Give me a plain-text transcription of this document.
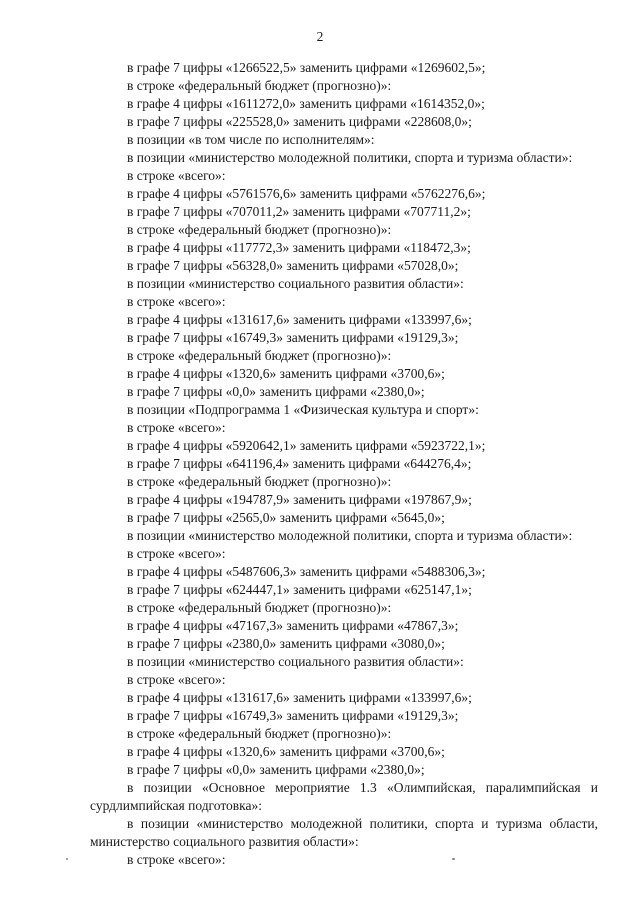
2
в графе 7 цифры «1266522,5» заменить цифрами «1269602,5»;
в строке «федеральный бюджет (прогнозно)»:
в графе 4 цифры «1611272,0» заменить цифрами «1614352,0»;
в графе 7 цифры «225528,0» заменить цифрами «228608,0»;
в позиции «в том числе по исполнителям»:
в позиции «министерство молодежной политики, спорта и туризма области»:
в строке «всего»:
в графе 4 цифры «5761576,6» заменить цифрами «5762276,6»;
в графе 7 цифры «707011,2» заменить цифрами «707711,2»;
в строке «федеральный бюджет (прогнозно)»:
в графе 4 цифры «117772,3» заменить цифрами «118472,3»;
в графе 7 цифры «56328,0» заменить цифрами «57028,0»;
в позиции «министерство социального развития области»:
в строке «всего»:
в графе 4 цифры «131617,6» заменить цифрами «133997,6»;
в графе 7 цифры «16749,3» заменить цифрами «19129,3»;
в строке «федеральный бюджет (прогнозно)»:
в графе 4 цифры «1320,6» заменить цифрами «3700,6»;
в графе 7 цифры «0,0» заменить цифрами «2380,0»;
в позиции «Подпрограмма 1 «Физическая культура и спорт»:
в строке «всего»:
в графе 4 цифры «5920642,1» заменить цифрами «5923722,1»;
в графе 7 цифры «641196,4» заменить цифрами «644276,4»;
в строке «федеральный бюджет (прогнозно)»:
в графе 4 цифры «194787,9» заменить цифрами «197867,9»;
в графе 7 цифры «2565,0» заменить цифрами «5645,0»;
в позиции «министерство молодежной политики, спорта и туризма области»:
в строке «всего»:
в графе 4 цифры «5487606,3» заменить цифрами «5488306,3»;
в графе 7 цифры «624447,1» заменить цифрами «625147,1»;
в строке «федеральный бюджет (прогнозно)»:
в графе 4 цифры «47167,3» заменить цифрами «47867,3»;
в графе 7 цифры «2380,0» заменить цифрами «3080,0»;
в позиции «министерство социального развития области»:
в строке «всего»:
в графе 4 цифры «131617,6» заменить цифрами «133997,6»;
в графе 7 цифры «16749,3» заменить цифрами «19129,3»;
в строке «федеральный бюджет (прогнозно)»:
в графе 4 цифры «1320,6» заменить цифрами «3700,6»;
в графе 7 цифры «0,0» заменить цифрами «2380,0»;
в позиции «Основное мероприятие 1.3 «Олимпийская, паралимпийская и сурдлимпийская подготовка»:
в позиции «министерство молодежной политики, спорта и туризма области, министерство социального развития области»:
в строке «всего»:
